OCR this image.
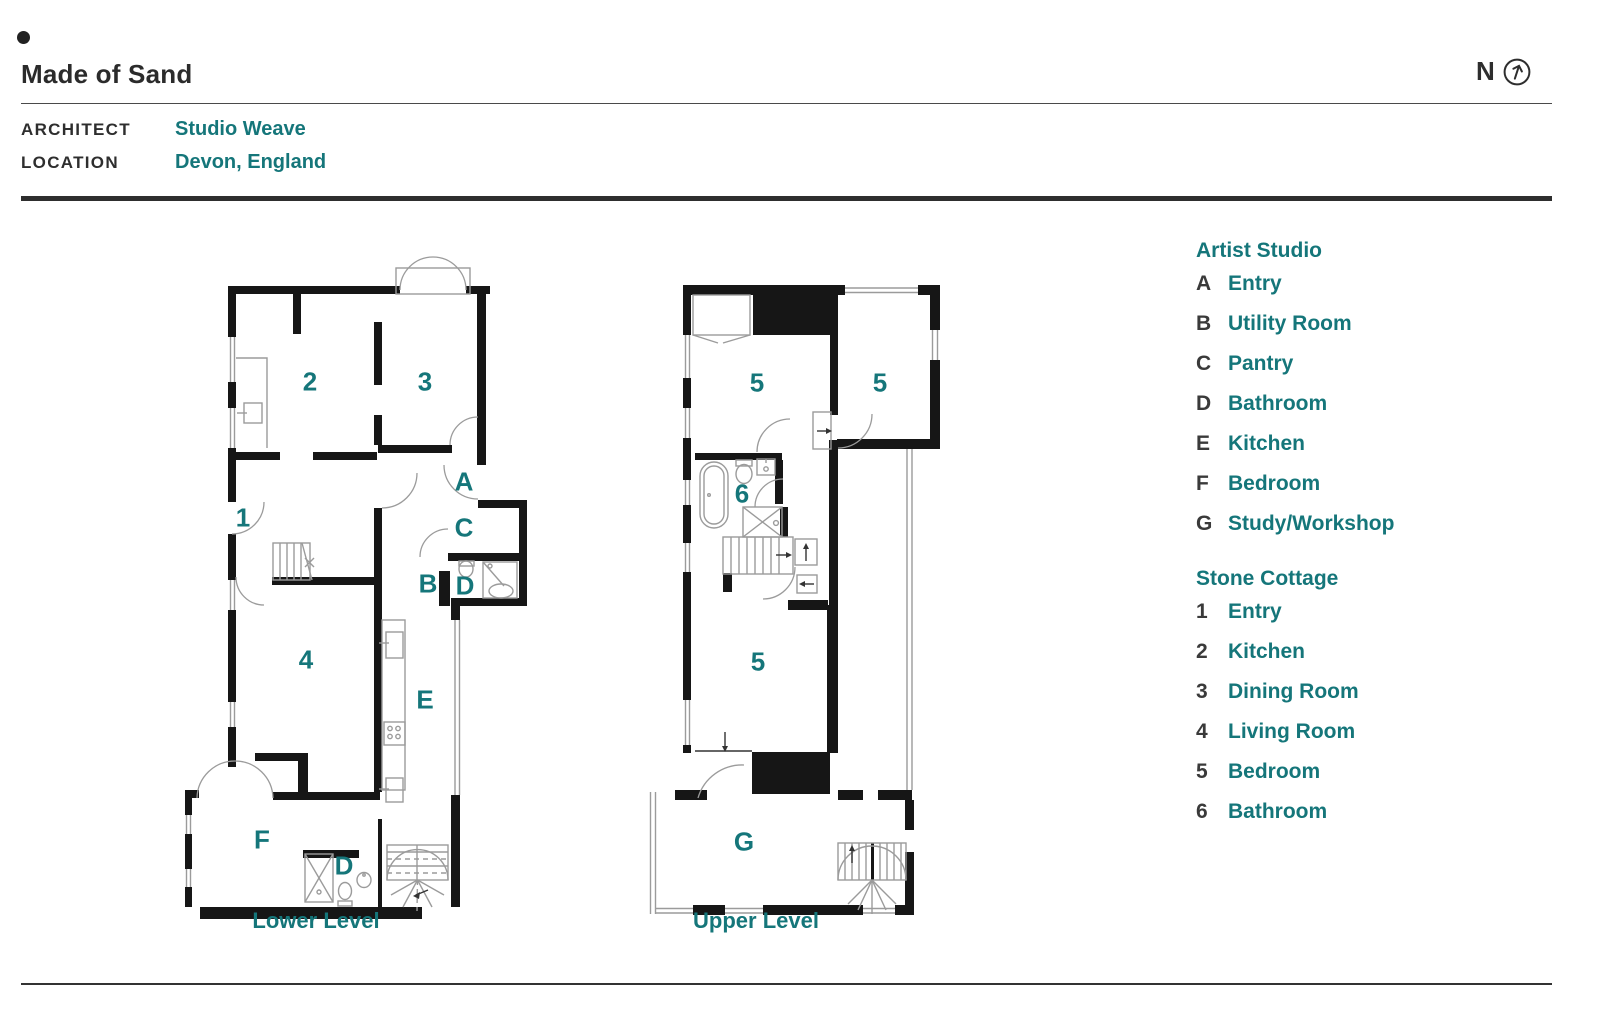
Made of Sand	N
ARCHITECT	Studio Weave
LOCATION	Devon, England
2	3
1
A
C
B D
4
E
F
D
5	5
6
5
G
Lower Level	Upper Level
Artist Studio
A Entry
B Utility Room
C Pantry
D Bathroom
E Kitchen
F Bedroom
G Study/Workshop
Stone Cottage
1 Entry
2 Kitchen
3 Dining Room
4 Living Room
5 Bedroom
6 Bathroom
